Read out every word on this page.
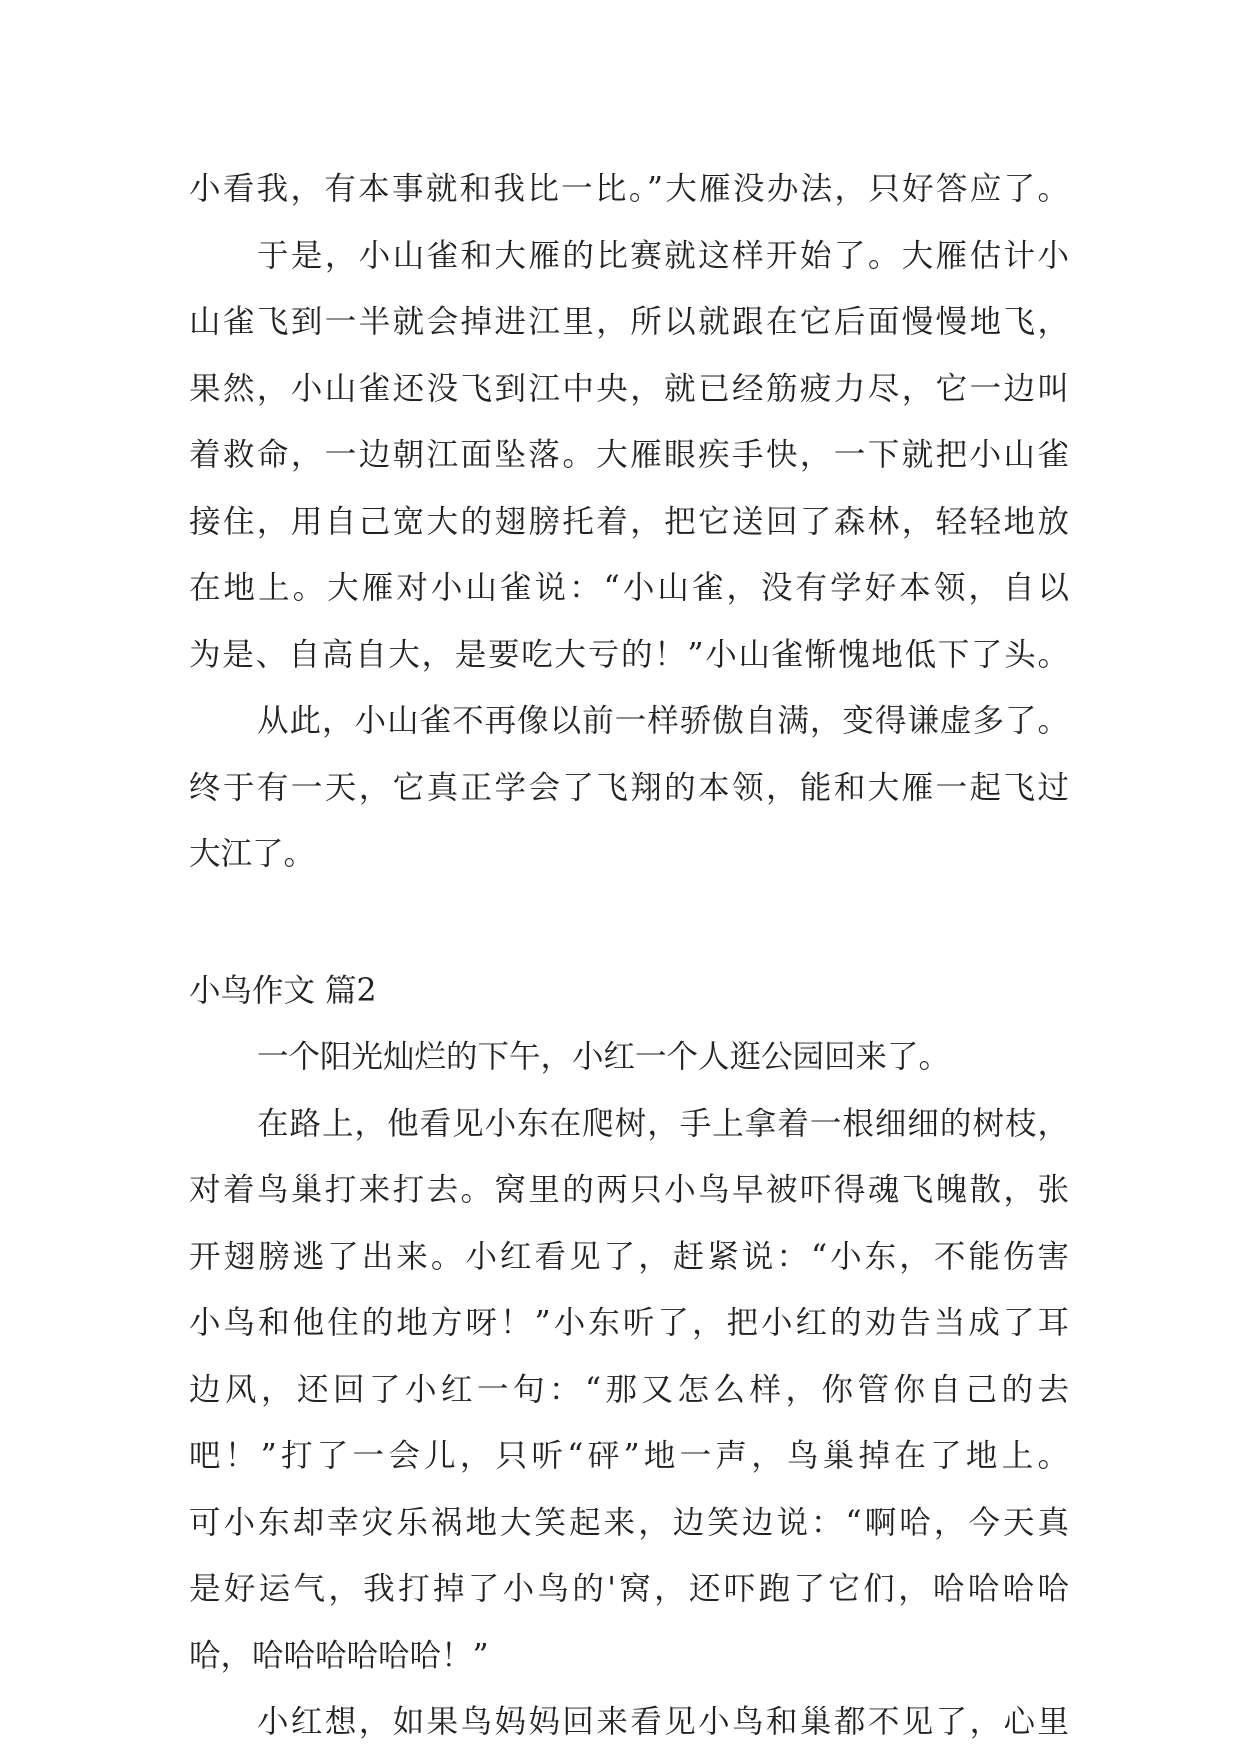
小看我，有本事就和我比一比。”大雁没办法，只好答应了。
于是，小山雀和大雁的比赛就这样开始了。大雁估计小
山雀飞到一半就会掉进江里，所以就跟在它后面慢慢地飞，
果然，小山雀还没飞到江中央，就已经筋疲力尽，它一边叫
着救命，一边朝江面坠落。大雁眼疾手快，一下就把小山雀
接住，用自己宽大的翅膀托着，把它送回了森林，轻轻地放
在地上。大雁对小山雀说：“小山雀，没有学好本领，自以
为是、自高自大，是要吃大亏的！”小山雀惭愧地低下了头。
从此，小山雀不再像以前一样骄傲自满，变得谦虚多了。
终于有一天，它真正学会了飞翔的本领，能和大雁一起飞过
大江了。
小鸟作文 篇2
一个阳光灿烂的下午，小红一个人逛公园回来了。
在路上，他看见小东在爬树，手上拿着一根细细的树枝，
对着鸟巢打来打去。窝里的两只小鸟早被吓得魂飞魄散，张
开翅膀逃了出来。小红看见了，赶紧说：“小东，不能伤害
小鸟和他住的地方呀！”小东听了，把小红的劝告当成了耳
边风，还回了小红一句：“那又怎么样，你管你自己的去
吧！”打了一会儿，只听“砰”地一声，鸟巢掉在了地上。
可小东却幸灾乐祸地大笑起来，边笑边说：“啊哈，今天真
是好运气，我打掉了小鸟的'窝，还吓跑了它们，哈哈哈哈
哈，哈哈哈哈哈哈！”
小红想，如果鸟妈妈回来看见小鸟和巢都不见了，心里
